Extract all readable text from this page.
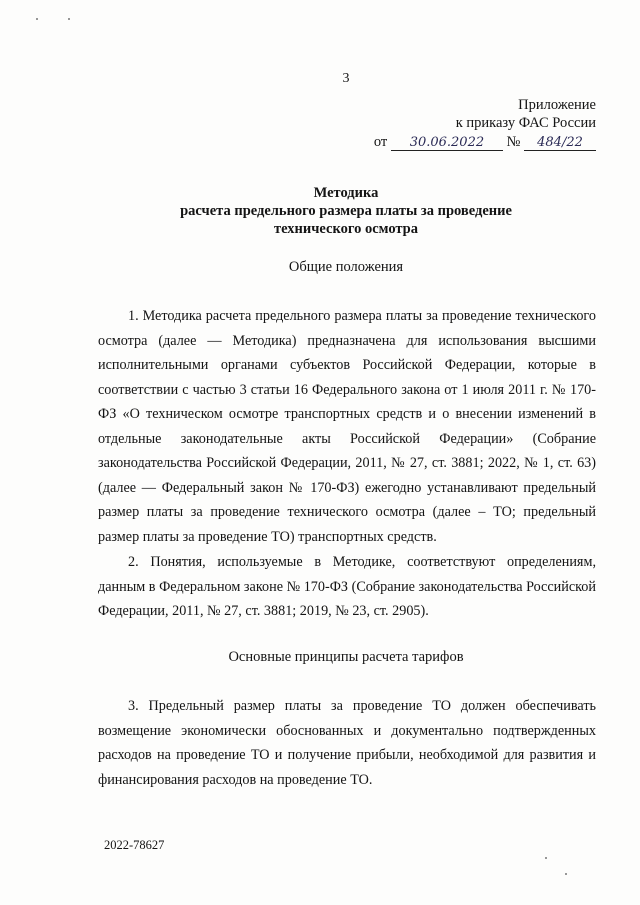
3
Приложение
к приказу ФАС России
от 30.06.2022 № 484/22
Методика
расчета предельного размера платы за проведение
технического осмотра
Общие положения
1. Методика расчета предельного размера платы за проведение технического осмотра (далее — Методика) предназначена для использования высшими исполнительными органами субъектов Российской Федерации, которые в соответствии с частью 3 статьи 16 Федерального закона от 1 июля 2011 г. № 170-ФЗ «О техническом осмотре транспортных средств и о внесении изменений в отдельные законодательные акты Российской Федерации» (Собрание законодательства Российской Федерации, 2011, № 27, ст. 3881; 2022, № 1, ст. 63) (далее — Федеральный закон № 170-ФЗ) ежегодно устанавливают предельный размер платы за проведение технического осмотра (далее – ТО; предельный размер платы за проведение ТО) транспортных средств.
2. Понятия, используемые в Методике, соответствуют определениям, данным в Федеральном законе № 170-ФЗ (Собрание законодательства Российской Федерации, 2011, № 27, ст. 3881; 2019, № 23, ст. 2905).
Основные принципы расчета тарифов
3. Предельный размер платы за проведение ТО должен обеспечивать возмещение экономически обоснованных и документально подтвержденных расходов на проведение ТО и получение прибыли, необходимой для развития и финансирования расходов на проведение ТО.
2022-78627
